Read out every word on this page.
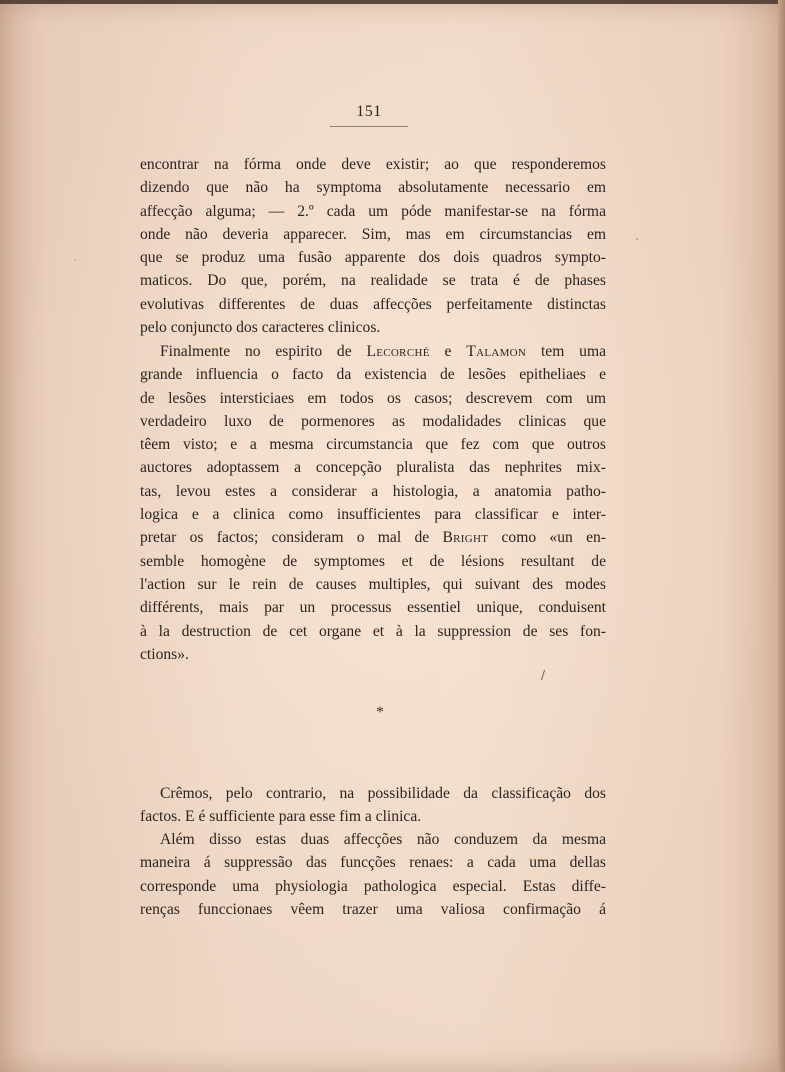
151
encontrar na fórma onde deve existir; ao que responderemos
dizendo que não ha symptoma absolutamente necessario em
affecção alguma; — 2.º cada um póde manifestar-se na fórma
onde não deveria apparecer. Sim, mas em circumstancias em
que se produz uma fusão apparente dos dois quadros sympto-
maticos. Do que, porém, na realidade se trata é de phases
evolutivas differentes de duas affecções perfeitamente distinctas
pelo conjuncto dos caracteres clinicos.
Finalmente no espirito de Lecorché e Talamon tem uma
grande influencia o facto da existencia de lesões epitheliaes e
de lesões intersticiaes em todos os casos; descrevem com um
verdadeiro luxo de pormenores as modalidades clinicas que
têem visto; e a mesma circumstancia que fez com que outros
auctores adoptassem a concepção pluralista das nephrites mix-
tas, levou estes a considerar a histologia, a anatomia patho-
logica e a clinica como insufficientes para classificar e inter-
pretar os factos; consideram o mal de Bright como «un en-
semble homogène de symptomes et de lésions resultant de
l'action sur le rein de causes multiples, qui suivant des modes
différents, mais par un processus essentiel unique, conduisent
à la destruction de cet organe et à la suppression de ses fon-
ctions».
*
Crêmos, pelo contrario, na possibilidade da classificação dos
factos. E é sufficiente para esse fim a clinica.
Além disso estas duas affecções não conduzem da mesma
maneira á suppressão das funcções renaes: a cada uma dellas
corresponde uma physiologia pathologica especial. Estas diffe-
renças funccionaes vêem trazer uma valiosa confirmação á
/
·
,
